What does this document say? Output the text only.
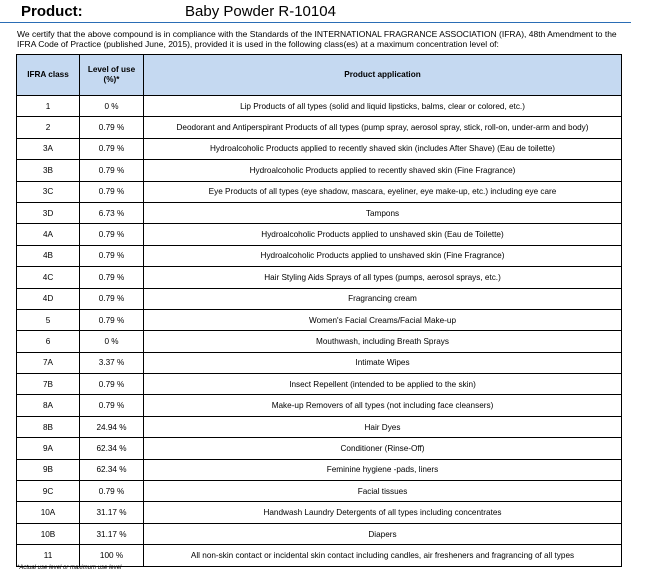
Product:	Baby Powder R-10104
We certify that the above compound is in compliance with the Standards of the INTERNATIONAL FRAGRANCE ASSOCIATION (IFRA), 48th Amendment to the IFRA Code of Practice (published June, 2015), provided it is used in the following class(es) at a maximum concentration level of:
IFRA class	Level of use (%)*	Product application
1	0 %	Lip Products of all types (solid and liquid lipsticks, balms, clear or colored, etc.)
2	0.79 %	Deodorant and Antiperspirant Products of all types (pump spray, aerosol spray, stick, roll-on, under-arm and body)
3A	0.79 %	Hydroalcoholic Products applied to recently shaved skin (includes After Shave) (Eau de toilette)
3B	0.79 %	Hydroalcoholic Products applied to recently shaved skin (Fine Fragrance)
3C	0.79 %	Eye Products of all types (eye shadow, mascara, eyeliner, eye make-up, etc.) including eye care
3D	6.73 %	Tampons
4A	0.79 %	Hydroalcoholic Products applied to unshaved skin (Eau de Toilette)
4B	0.79 %	Hydroalcoholic Products applied to unshaved skin (Fine Fragrance)
4C	0.79 %	Hair Styling Aids Sprays of all types (pumps, aerosol sprays, etc.)
4D	0.79 %	Fragrancing cream
5	0.79 %	Women's Facial Creams/Facial Make-up
6	0 %	Mouthwash, including Breath Sprays
7A	3.37 %	Intimate Wipes
7B	0.79 %	Insect Repellent (intended to be applied to the skin)
8A	0.79 %	Make-up Removers of all types (not including face cleansers)
8B	24.94 %	Hair Dyes
9A	62.34 %	Conditioner (Rinse-Off)
9B	62.34 %	Feminine hygiene -pads, liners
9C	0.79 %	Facial tissues
10A	31.17 %	Handwash Laundry Detergents of all types including concentrates
10B	31.17 %	Diapers
11	100 %	All non-skin contact or incidental skin contact including candles, air fresheners and fragrancing of all types
*Actual use level or maximum use level
